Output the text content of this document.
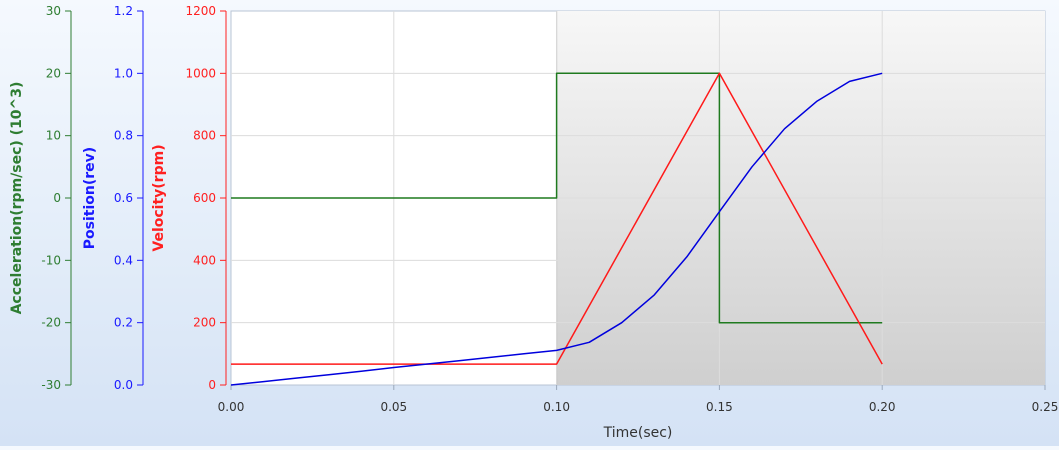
0.00	0.05	0.10	0.15	0.20	0.25
-30
-20
-10
0
10
20
30
0.0
0.2
0.4
0.6
0.8
1.0
1.2
0
200
400
600
800
1000
1200
Time(sec)
Acceleration(rpm/sec) (10^3)	Position(rev)	Velocity(rpm)
